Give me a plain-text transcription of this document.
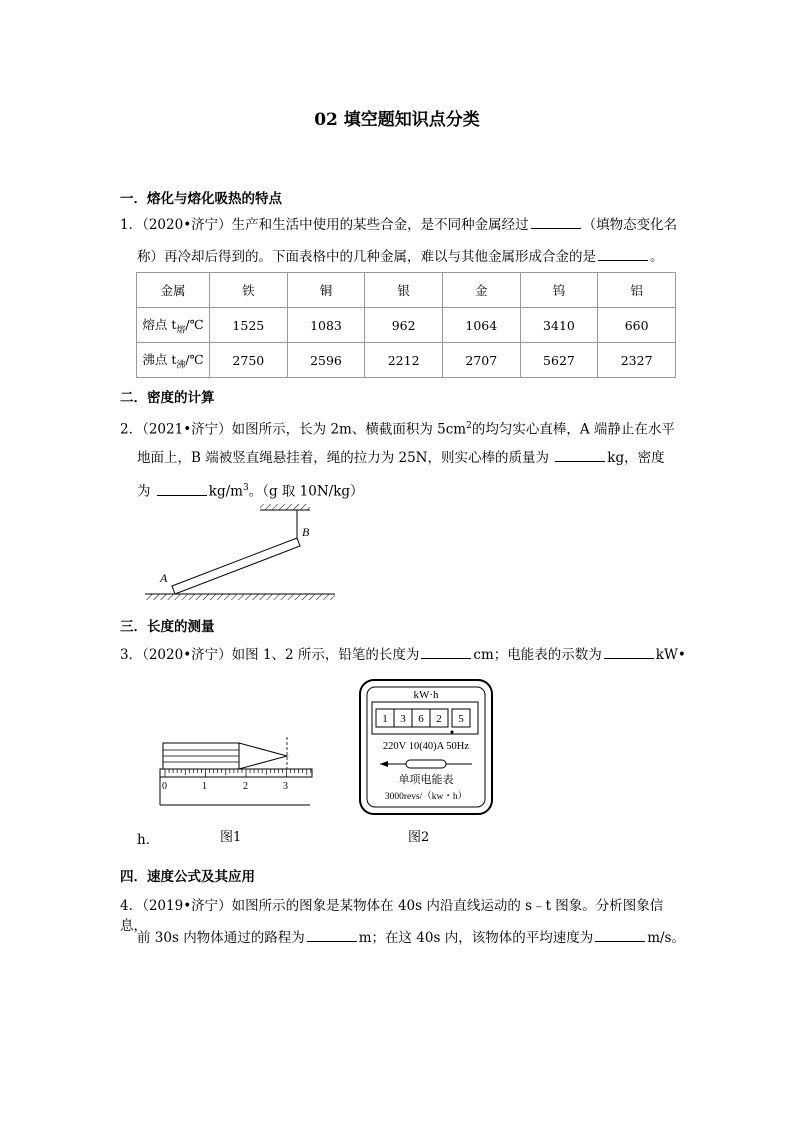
02 填空题知识点分类
一．熔化与熔化吸热的特点
1．（2020•济宁）生产和生活中使用的某些合金，是不同种金属经过	（填物态变化名
称）再冷却后得到的。下面表格中的几种金属，难以与其他金属形成合金的是	。
金属	铁	铜	银	金	钨	铝
熔点 $t_熔/℃$	1525	1083	962	1064	3410	660
沸点 $t_沸/℃$	2750	2596	2212	2707	5627	2327
二．密度的计算
2．（2021•济宁）如图所示，长为 2m、横截面积为 $5cm^2$的均匀实心直棒，A 端静止在水平
地面上，B 端被竖直绳悬挂着，绳的拉力为 25N，则实心棒的质量为	kg，密度
为	$kg/m^3$。（g 取 10N/kg）
A
B
三．长度的测量
3．（2020•济宁）如图 1、2 所示，铅笔的长度为	cm；电能表的示数为	kW•
0	1	2	3
kW·h
1 3 6 2 5
220V 10(40)A 50Hz
单项电能表
3000revs/（kw・h）
h．	图1	图2
四．速度公式及其应用
4．（2019•济宁）如图所示的图象是某物体在 40s 内沿直线运动的 s﹣t 图象。分析图象信息，
前 30s 内物体通过的路程为	m；在这 40s 内，该物体的平均速度为	m/s。
